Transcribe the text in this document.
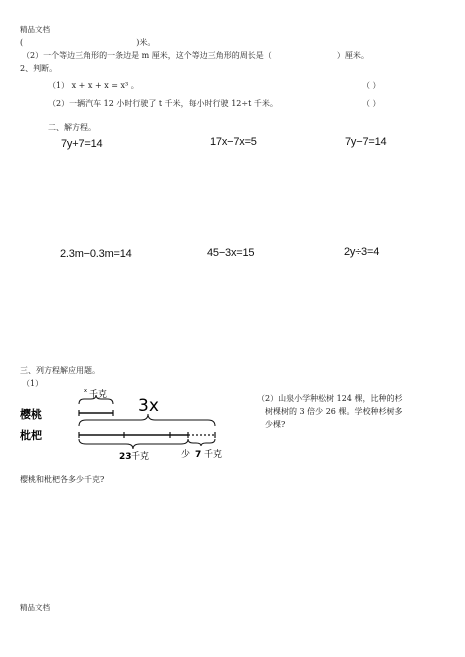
精品文档
(	)米。
（2）一个等边三角形的一条边是 m 厘米，这个等边三角形的周长是（	）厘米。
2、判断。
（1） x + x + x = x³ 。	（ ）
（2）一辆汽车 12 小时行驶了 t 千米，每小时行驶 12÷t 千米。	（ ）
二、解方程。
7y+7=14	17x−7x=5	7y−7=14
2.3m−0.3m=14	45−3x=15	2y÷3=4
三、列方程解应用题。
（1）
x 千克
3x
樱桃
枇杷
23 千克	少 7 千克
樱桃和枇杷各多少千克?
（2）山泉小学种松树 124 棵，比种的杉
树棵树的 3 倍少 26 棵。学校种杉树多
少棵?
精品文档
